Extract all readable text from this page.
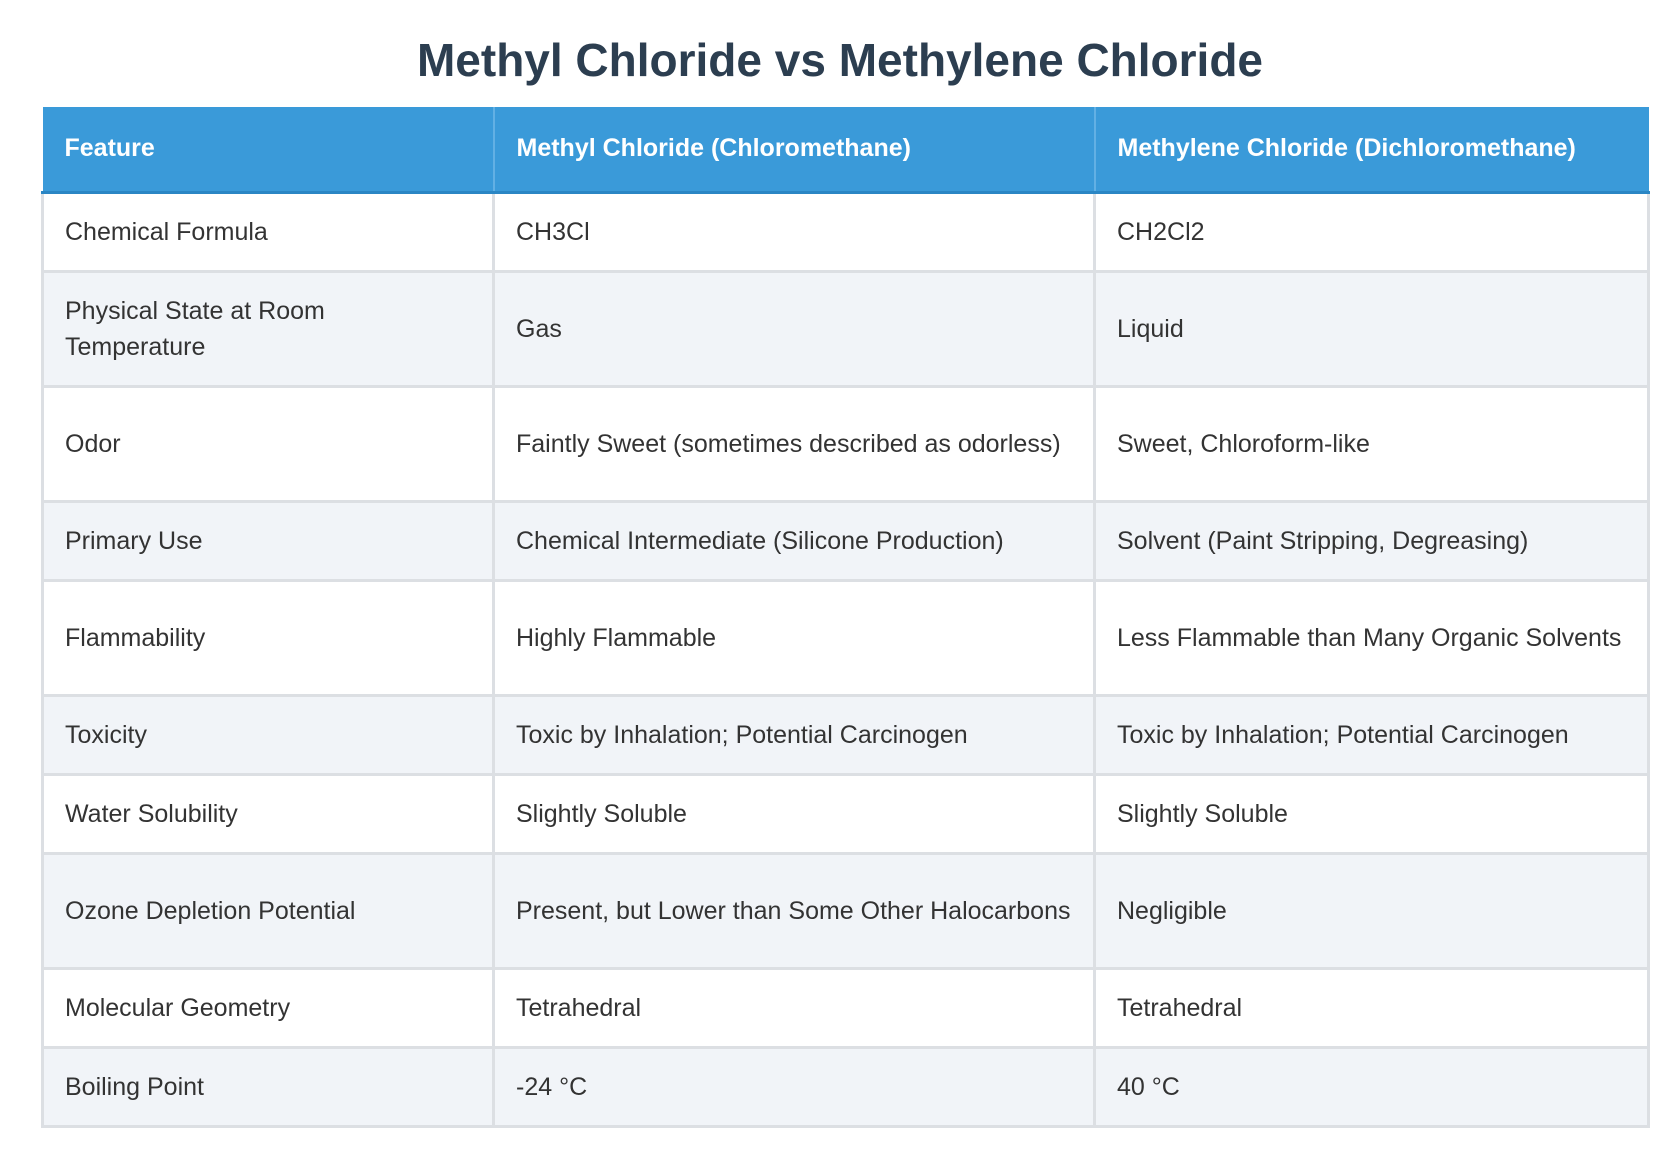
Methyl Chloride vs Methylene Chloride
Feature	Methyl Chloride (Chloromethane)	Methylene Chloride (Dichloromethane)
Chemical Formula	CH3Cl	CH2Cl2
Physical State at Room Temperature	Gas	Liquid
Odor	Faintly Sweet (sometimes described as odorless)	Sweet, Chloroform-like
Primary Use	Chemical Intermediate (Silicone Production)	Solvent (Paint Stripping, Degreasing)
Flammability	Highly Flammable	Less Flammable than Many Organic Solvents
Toxicity	Toxic by Inhalation; Potential Carcinogen	Toxic by Inhalation; Potential Carcinogen
Water Solubility	Slightly Soluble	Slightly Soluble
Ozone Depletion Potential	Present, but Lower than Some Other Halocarbons	Negligible
Molecular Geometry	Tetrahedral	Tetrahedral
Boiling Point	-24 °C	40 °C
